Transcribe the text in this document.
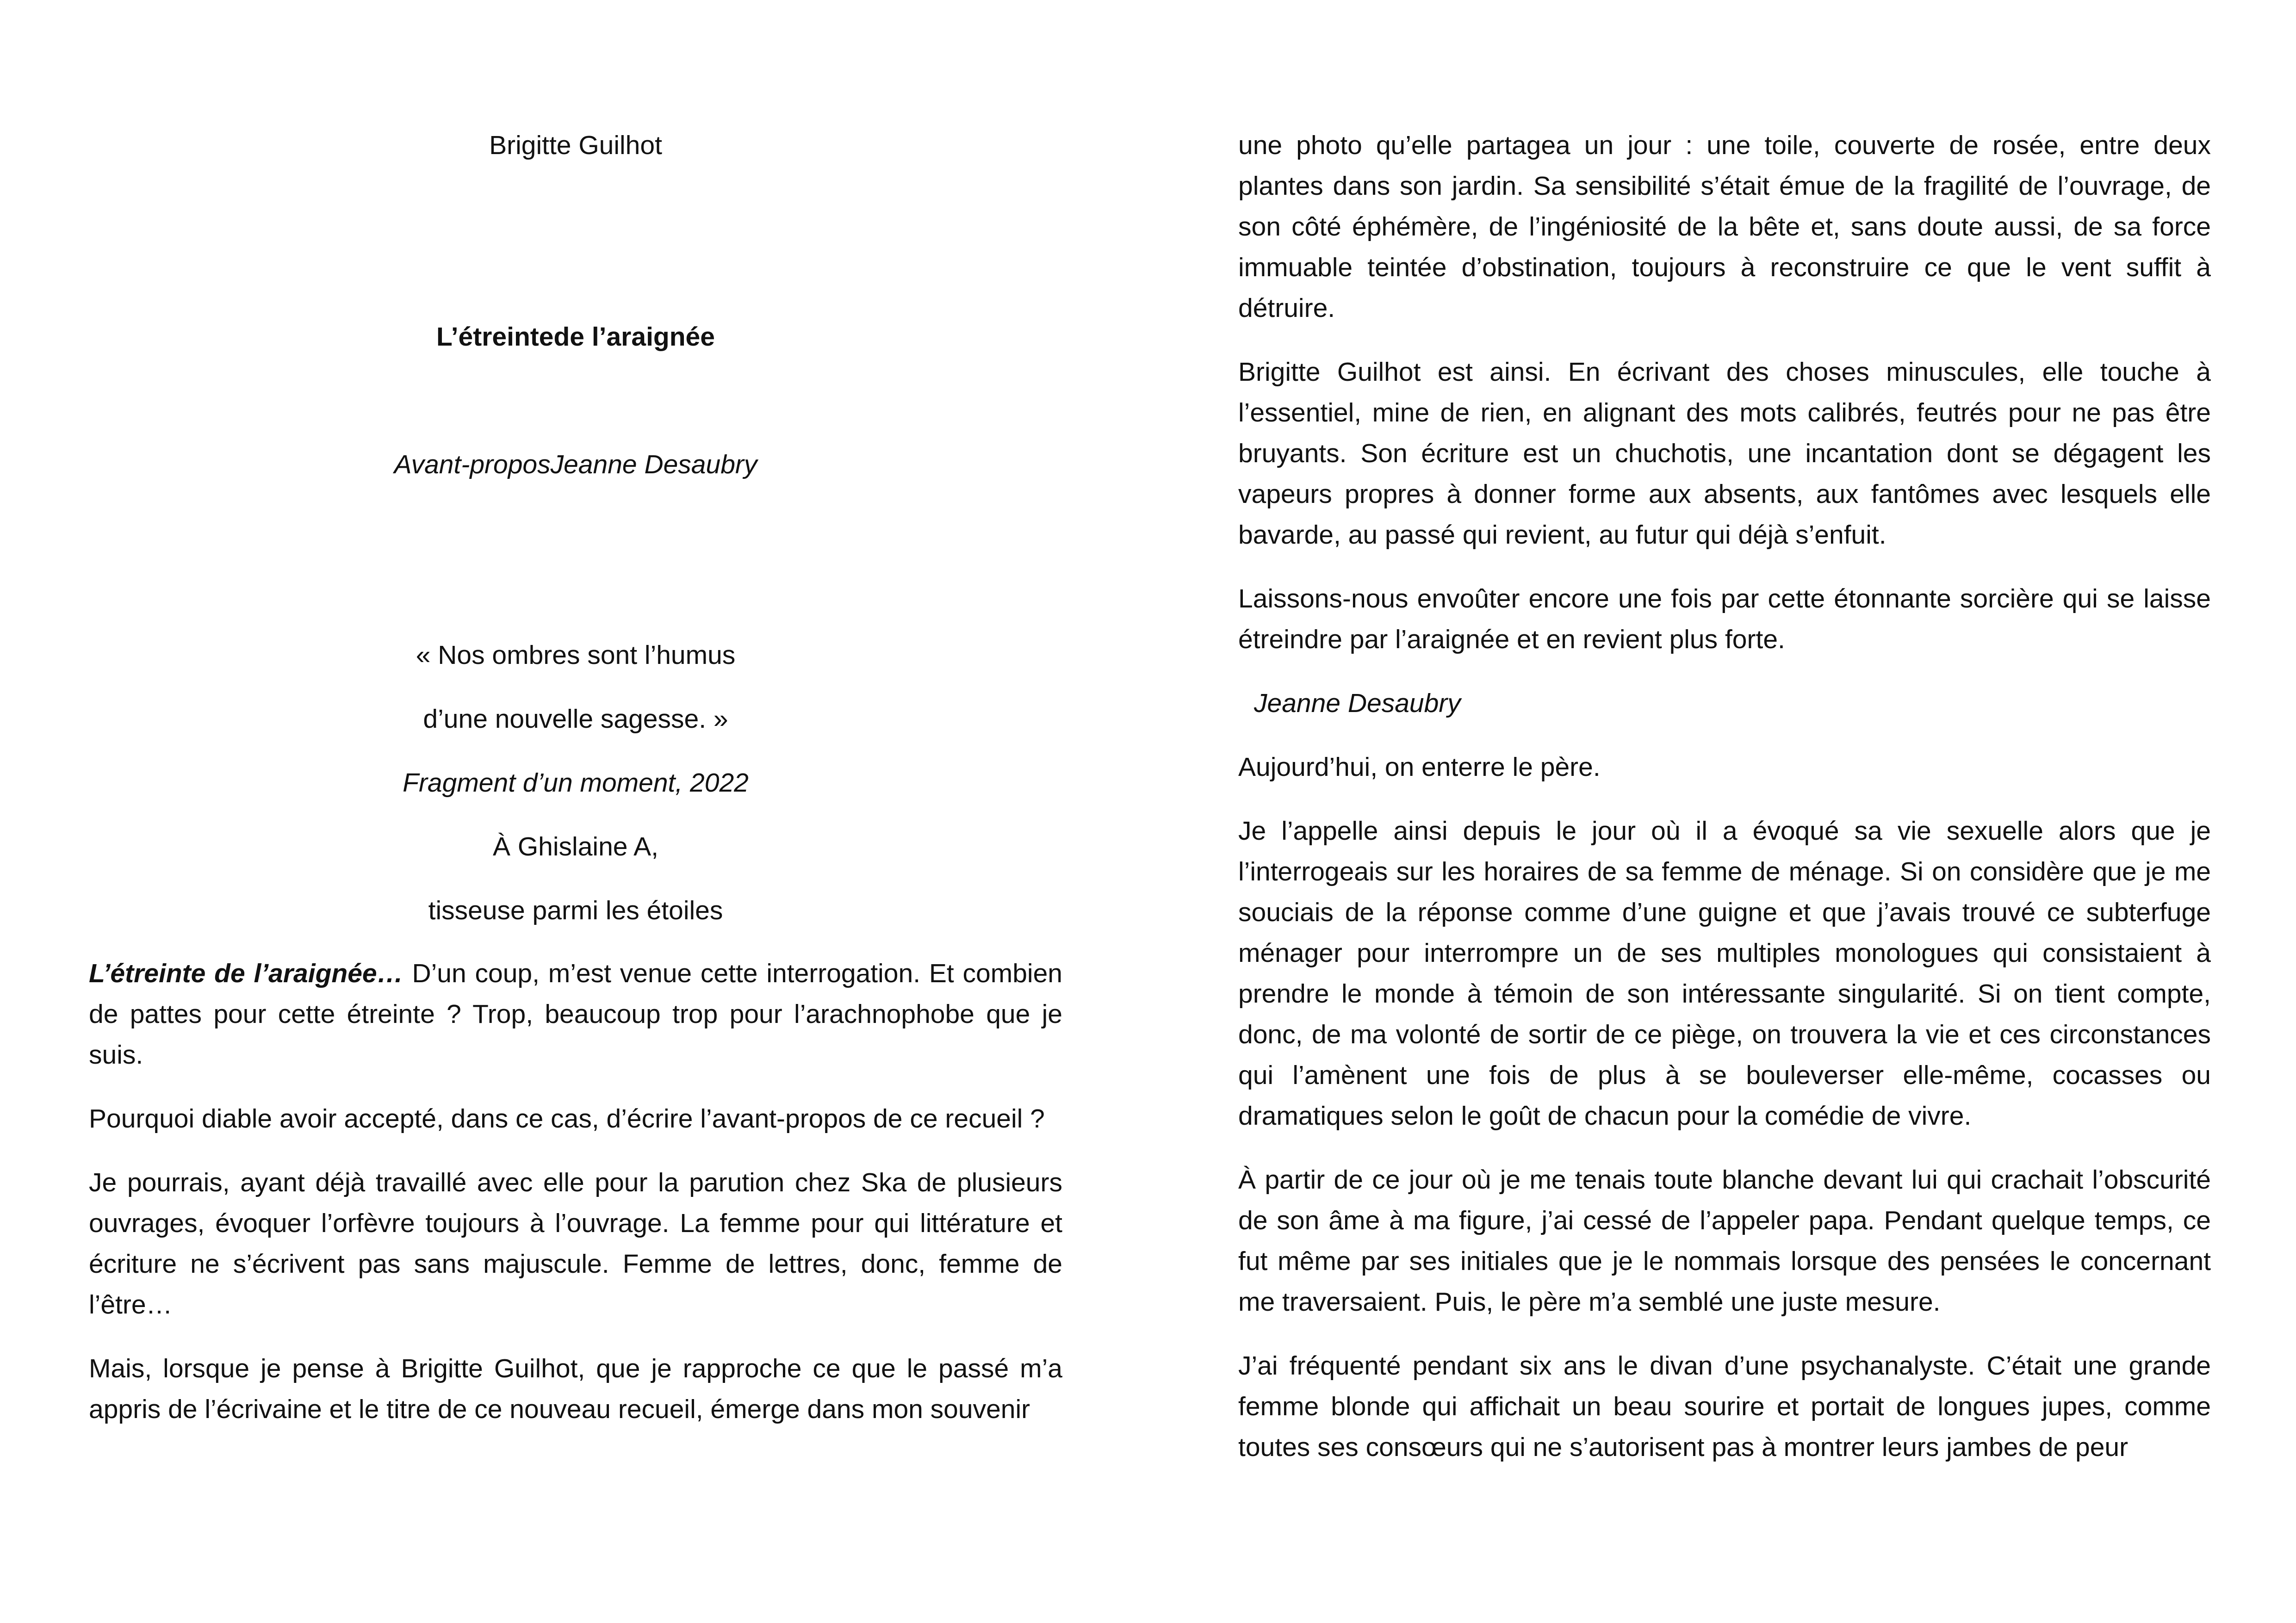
Brigitte Guilhot
L’étreintede l’araignée
Avant-proposJeanne Desaubry

« Nos ombres sont l’humus

d’une nouvelle sagesse. »

Fragment d’un moment, 2022

À Ghislaine A,

tisseuse parmi les étoiles

L’étreinte de l’araignée… D’un coup, m’est venue cette interrogation. Et combien de pattes pour cette étreinte ? Trop, beaucoup trop pour l’arachnophobe que je suis.

Pourquoi diable avoir accepté, dans ce cas, d’écrire l’avant-propos de ce recueil ?

Je pourrais, ayant déjà travaillé avec elle pour la parution chez Ska de plusieurs ouvrages, évoquer l’orfèvre toujours à l’ouvrage. La femme pour qui littérature et écriture ne s’écrivent pas sans majuscule. Femme de lettres, donc, femme de l’être…

Mais, lorsque je pense à Brigitte Guilhot, que je rapproche ce que le passé m’a appris de l’écrivaine et le titre de ce nouveau recueil, émerge dans mon souvenir

une photo qu’elle partagea un jour : une toile, couverte de rosée, entre deux plantes dans son jardin. Sa sensibilité s’était émue de la fragilité de l’ouvrage, de son côté éphémère, de l’ingéniosité de la bête et, sans doute aussi, de sa force immuable teintée d’obstination, toujours à reconstruire ce que le vent suffit à détruire.

Brigitte Guilhot est ainsi. En écrivant des choses minuscules, elle touche à l’essentiel, mine de rien, en alignant des mots calibrés, feutrés pour ne pas être bruyants. Son écriture est un chuchotis, une incantation dont se dégagent les vapeurs propres à donner forme aux absents, aux fantômes avec lesquels elle bavarde, au passé qui revient, au futur qui déjà s’enfuit.

Laissons-nous envoûter encore une fois par cette étonnante sorcière qui se laisse étreindre par l’araignée et en revient plus forte.

Jeanne Desaubry

Aujourd’hui, on enterre le père.

Je l’appelle ainsi depuis le jour où il a évoqué sa vie sexuelle alors que je l’interrogeais sur les horaires de sa femme de ménage. Si on considère que je me souciais de la réponse comme d’une guigne et que j’avais trouvé ce subterfuge ménager pour interrompre un de ses multiples monologues qui consistaient à prendre le monde à témoin de son intéressante singularité. Si on tient compte, donc, de ma volonté de sortir de ce piège, on trouvera la vie et ces circonstances qui l’amènent une fois de plus à se bouleverser elle-même, cocasses ou dramatiques selon le goût de chacun pour la comédie de vivre.

À partir de ce jour où je me tenais toute blanche devant lui qui crachait l’obscurité de son âme à ma figure, j’ai cessé de l’appeler papa. Pendant quelque temps, ce fut même par ses initiales que je le nommais lorsque des pensées le concernant me traversaient. Puis, le père m’a semblé une juste mesure.

J’ai fréquenté pendant six ans le divan d’une psychanalyste. C’était une grande femme blonde qui affichait un beau sourire et portait de longues jupes, comme toutes ses consœurs qui ne s’autorisent pas à montrer leurs jambes de peur
